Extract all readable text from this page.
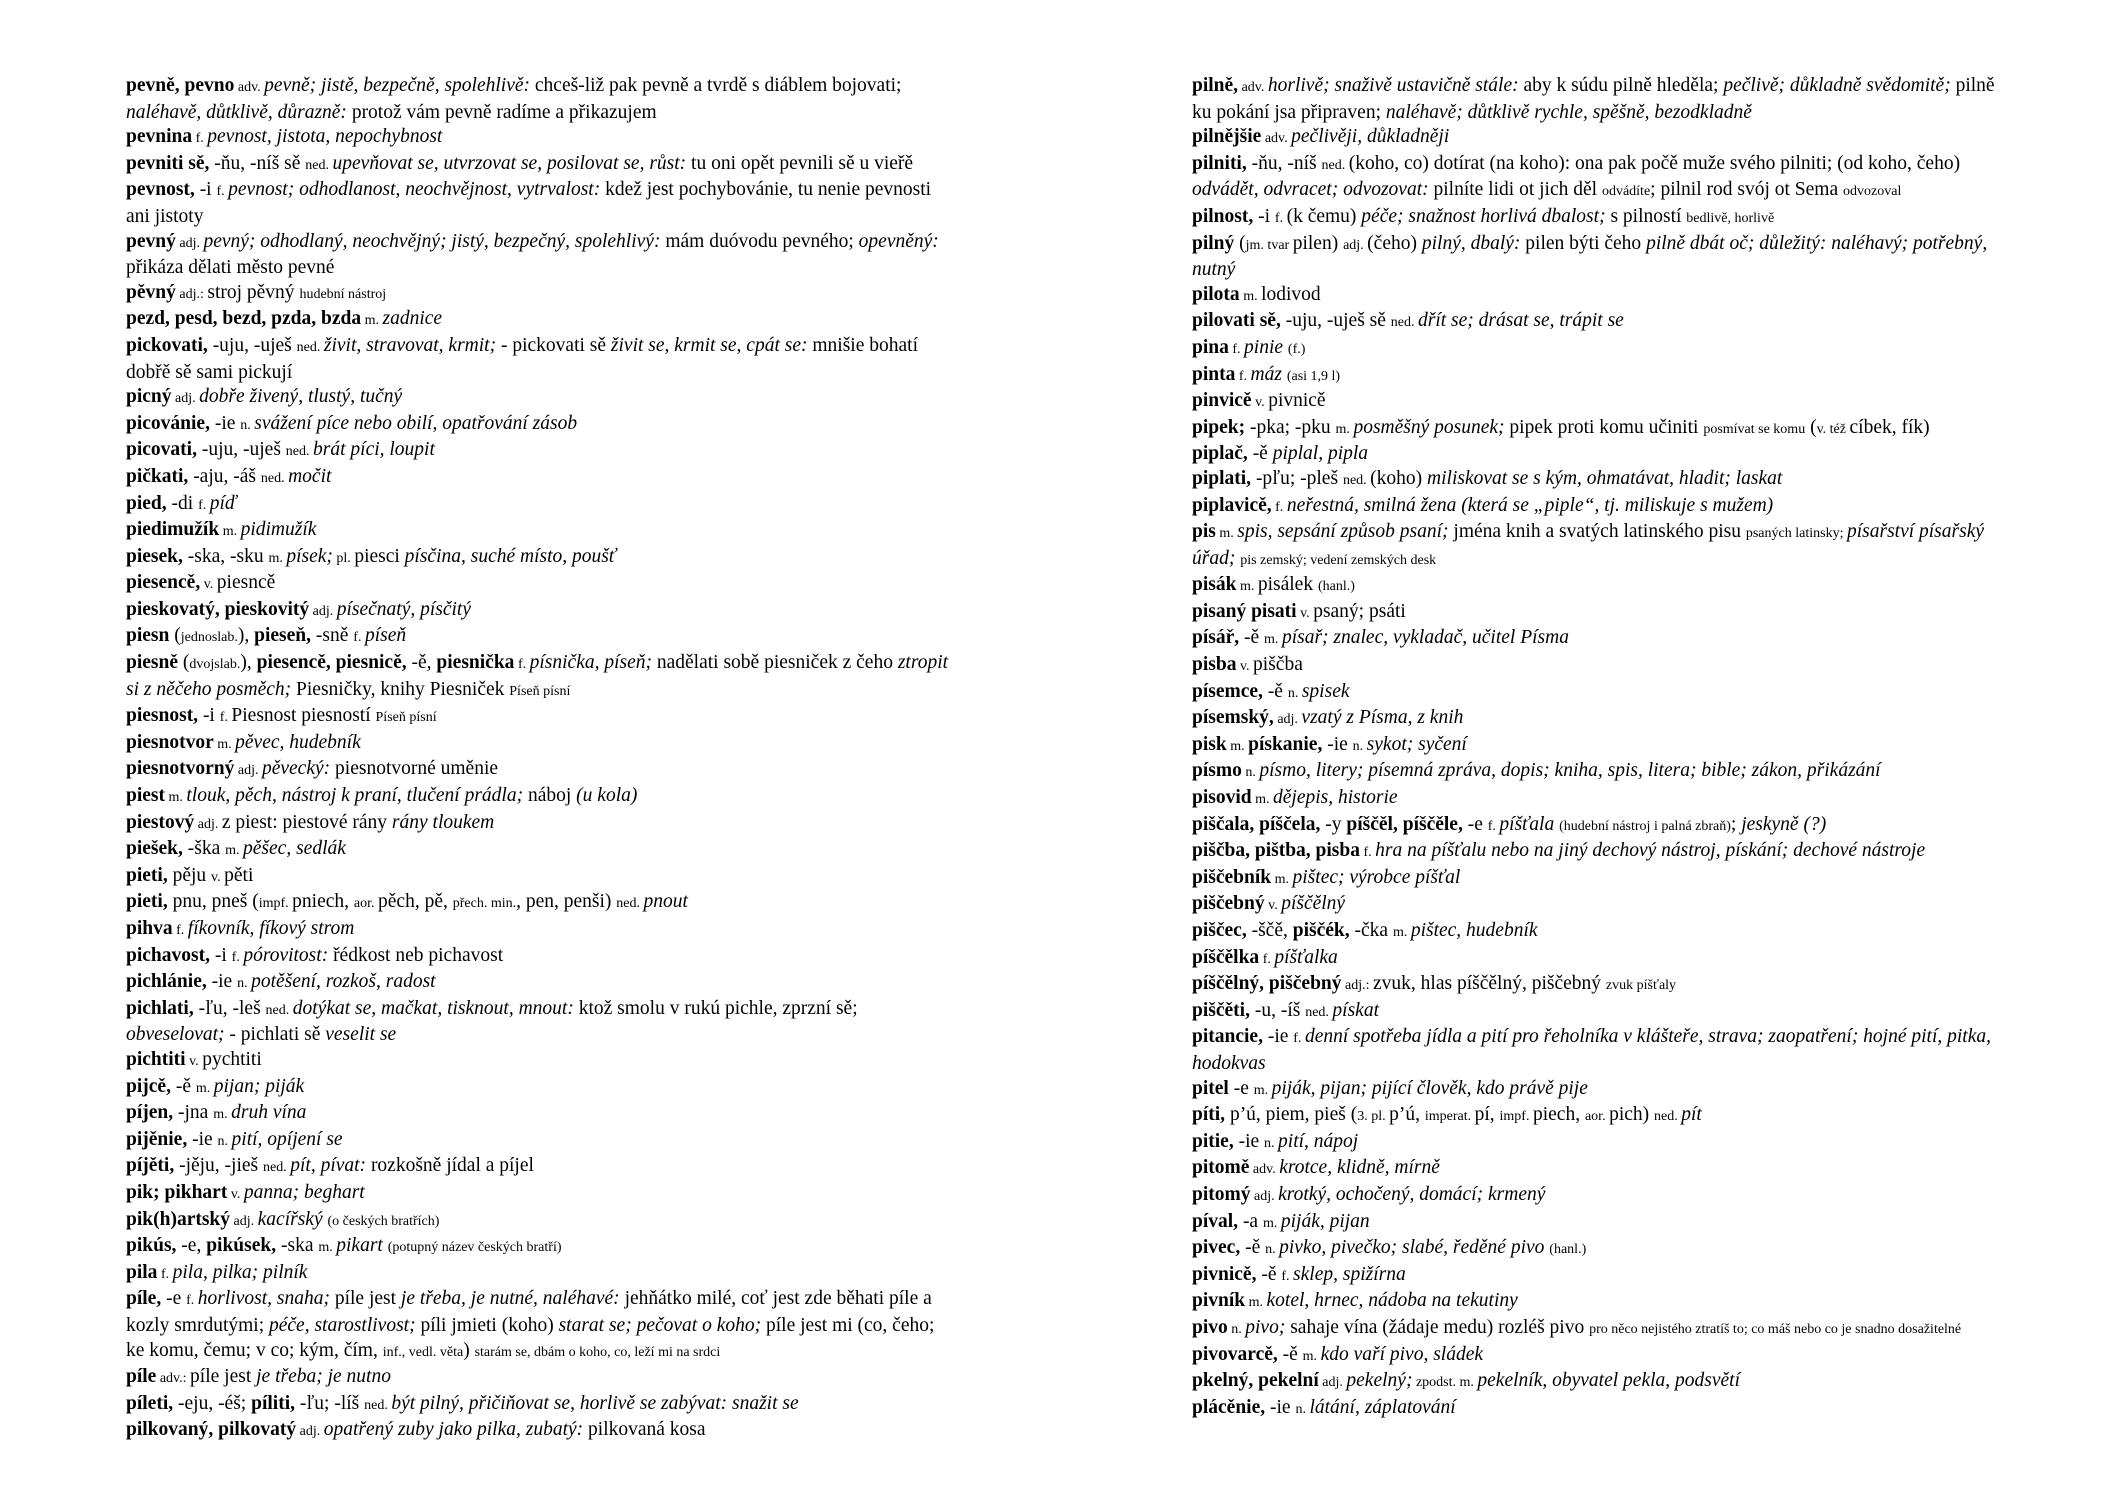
pevně, pevno adv. pevně; jistě, bezpečně, spolehlivě: chceš-liž pak pevně a tvrdě s diáblem bojovati; naléhavě, důtklivě, důrazně: protož vám pevně radíme a přikazujem

pevnina f. pevnost, jistota, nepochybnost

pevniti sě, -ňu, -níš sě ned. upevňovat se, utvrzovat se, posilovat se, růst: tu oni opět pevnili sě u vieřě

pevnost, -i f. pevnost; odhodlanost, neochvějnost, vytrvalost: kdež jest pochybovánie, tu nenie pevnosti ani jistoty

pevný adj. pevný; odhodlaný, neochvějný; jistý, bezpečný, spolehlivý: mám duóvodu pevného; opevněný: přikáza dělati město pevné

pěvný adj.: stroj pěvný hudební nástroj

pezd, pesd, bezd, pzda, bzda m. zadnice

pickovati, -uju, -uješ ned. živit, stravovat, krmit; - pickovati sě živit se, krmit se, cpát se: mnišie bohatí dobřě sě sami pickují

picný adj. dobře živený, tlustý, tučný

picovánie, -ie n. svážení píce nebo obilí, opatřování zásob

picovati, -uju, -uješ ned. brát píci, loupit

pičkati, -aju, -áš ned. močit

pied, -di f. píď

piedimužík m. pidimužík

piesek, -ska, -sku m. písek; pl. piesci písčina, suché místo, poušť

piesencě, v. piesncě

pieskovatý, pieskovitý adj. písečnatý, písčitý

piesn (jednoslab.), pieseň, -sně f. píseň

piesně (dvojslab.), piesencě, piesnicě, -ě, piesnička f. písnička, píseň; nadělati sobě piesniček z čeho ztropit si z něčeho posměch; Piesničky, knihy Piesniček Píseň písní

piesnost, -i f. Piesnost piesností Píseň písní

piesnotvor m. pěvec, hudebník

piesnotvorný adj. pěvecký: piesnotvorné uměnie

piest m. tlouk, pěch, nástroj k praní, tlučení prádla; náboj (u kola)

piestový adj. z piest: piestové rány rány tloukem

piešek, -ška m. pěšec, sedlák

pieti, pěju v. pěti

pieti, pnu, pneš (impf. pniech, aor. pěch, pě, přech. min., pen, penši) ned. pnout

pihva f. fíkovník, fíkový strom

pichavost, -i f. pórovitost: řédkost neb pichavost

pichlánie, -ie n. potěšení, rozkoš, radost

pichlati, -ľu, -leš ned. dotýkat se, mačkat, tisknout, mnout: ktož smolu v rukú pichle, zprzní sě; obveselovat; - pichlati sě veselit se

pichtiti v. pychtiti

pijcě, -ě m. pijan; piják

píjen, -jna m. druh vína

piјěnie, -ie n. pití, opíjení se

píjěti, -jěju, -jieš ned. pít, pívat: rozkošně jídal a píjel

pik; pikhart v. panna; beghart

pik(h)artský adj. kacířský (o českých bratřích)

pikús, -e, pikúsek, -ska m. pikart (potupný název českých bratří)

pila f. pila, pilka; pilník

píle, -e f. horlivost, snaha; píle jest je třeba, je nutné, naléhavé: jehňátko milé, coť jest zde běhati píle a kozly smrdutými; péče, starostlivost; píli jmieti (koho) starat se; pečovat o koho; píle jest mi (co, čeho; ke komu, čemu; v co; kým, čím, inf., vedl. věta) starám se, dbám o koho, co, leží mi na srdci

píle adv.: píle jest je třeba; je nutno

píleti, -eju, -éš; píliti, -ľu; -líš ned. být pilný, přičiňovat se, horlivě se zabývat: snažit se

pilkovaný, pilkovatý adj. opatřený zuby jako pilka, zubatý: pilkovaná kosa

pilně, adv. horlivě; snaživě ustavičně stále: aby k súdu pilně hleděla; pečlivě; důkladně svědomitě; pilně ku pokání jsa připraven; naléhavě; důtklivě rychle, spěšně, bezodkladně

pilnějšie adv. pečlivěji, důkladněji

pilniti, -ňu, -níš ned. (koho, co) dotírat (na koho): ona pak počě muže svého pilniti; (od koho, čeho) odvádět, odvracet; odvozovat: pilníte lidi ot jich děl odvádíte; pilnil rod svój ot Sema odvozoval

pilnost, -i f. (k čemu) péče; snažnost horlivá dbalost; s pilností bedlivě, horlivě

pilný (jm. tvar pilen) adj. (čeho) pilný, dbalý: pilen býti čeho pilně dbát oč; důležitý: naléhavý; potřebný, nutný

pilota m. lodivod

pilovati sě, -uju, -uješ sě ned. dřít se; drásat se, trápit se

pina f. pinie (f.)

pinta f. máz (asi 1,9 l)

pinvicě v. pivnicě

pipek; -pka; -pku m. posměšný posunek; pipek proti komu učiniti posmívat se komu (v. též cíbek, fík)

piplač, -ě piplal, pipla

piplati, -pľu; -pleš ned. (koho) miliskovat se s kým, ohmatávat, hladit; laskat

piplavicě, f. neřestná, smilná žena (která se „piple“, tj. miliskuje s mužem)

pis m. spis, sepsání způsob psaní; jména knih a svatých latinského pisu psaných latinsky; písařství písařský úřad; pis zemský; vedení zemských desk

pisák m. pisálek (hanl.)

pisaný pisati v. psaný; psáti

písář, -ě m. písař; znalec, vykladač, učitel Písma

pisba v. piščba

písemce, -ě n. spisek

písemský, adj. vzatý z Písma, z knih

pisk m. pískanie, -ie n. sykot; syčení

písmo n. písmo, litery; písemná zpráva, dopis; kniha, spis, litera; bible; zákon, přikázání

pisovid m. dějepis, historie

piščala, píščela, -y píščěl, píščěle, -e f. píšťala (hudební nástroj i palná zbraň); jeskyně (?)

piščba, pištba, pisba f. hra na píšťalu nebo na jiný dechový nástroj, pískání; dechové nástroje

piščebník m. pištec; výrobce píšťal

piščebný v. píščělný

piščec, -ščě, piščék, -čka m. pištec, hudebník

píščělka f. píšťalka

píščělný, piščebný adj.: zvuk, hlas píščělný, piščebný zvuk píšťaly

piščěti, -u, -íš ned. pískat

pitancie, -ie f. denní spotřeba jídla a pití pro řeholníka v klášteře, strava; zaopatření; hojné pití, pitka, hodokvas

pitel -e m. piják, pijan; pijící člověk, kdo právě pije

píti, p’ú, piem, pieš (3. pl. p’ú, imperat. pí, impf. piech, aor. pich) ned. pít

pitie, -ie n. pití, nápoj

pitomě adv. krotce, klidně, mírně

pitomý adj. krotký, ochočený, domácí; krmený

píval, -a m. piják, pijan

pivec, -ě n. pivko, pivečko; slabé, ředěné pivo (hanl.)

pivnicě, -ě f. sklep, spižírna

pivník m. kotel, hrnec, nádoba na tekutiny

pivo n. pivo; sahaje vína (žádaje medu) rozléš pivo pro něco nejistého ztratíš to; co máš nebo co je snadno dosažitelné

pivovarcě, -ě m. kdo vaří pivo, sládek

pkelný, pekelní adj. pekelný; zpodst. m. pekelník, obyvatel pekla, podsvětí

plácěnie, -ie n. látání, záplatování
